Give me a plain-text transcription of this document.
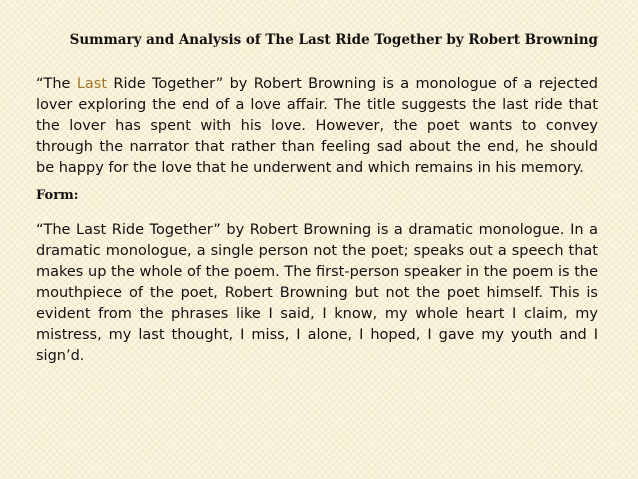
Summary and Analysis of The Last Ride Together by Robert Browning

“The Last Ride Together” by Robert Browning is a monologue of a rejected lover exploring the end of a love affair. The title suggests the last ride that the lover has spent with his love. However, the poet wants to convey through the narrator that rather than feeling sad about the end, he should be happy for the love that he underwent and which remains in his memory.

Form:

“The Last Ride Together” by Robert Browning is a dramatic monologue. In a dramatic monologue, a single person not the poet; speaks out a speech that makes up the whole of the poem. The first-person speaker in the poem is the mouthpiece of the poet, Robert Browning but not the poet himself. This is evident from the phrases like I said, I know, my whole heart I claim, my mistress, my last thought, I miss, I alone, I hoped, I gave my youth and I sign’d.
